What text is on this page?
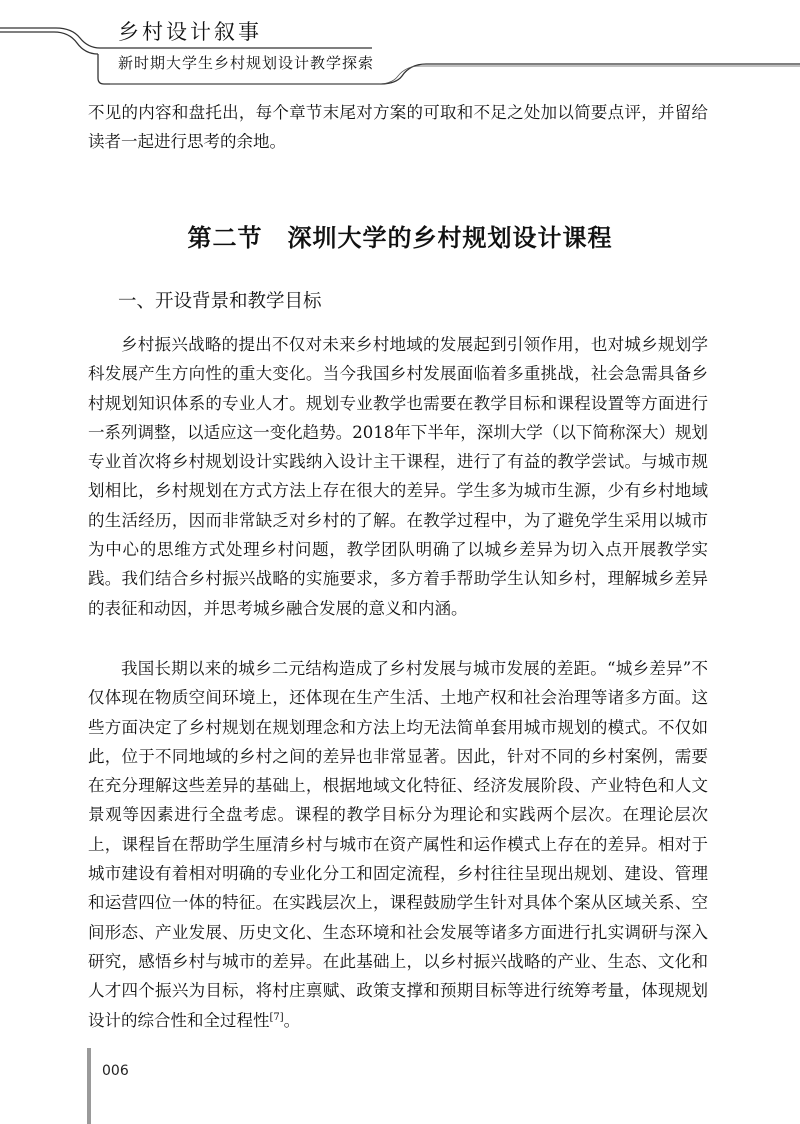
乡村设计叙事
新时期大学生乡村规划设计教学探索

不见的内容和盘托出，每个章节末尾对方案的可取和不足之处加以简要点评，并留给读者一起进行思考的余地。

第二节　深圳大学的乡村规划设计课程
一、开设背景和教学目标

乡村振兴战略的提出不仅对未来乡村地域的发展起到引领作用，也对城乡规划学科发展产生方向性的重大变化。当今我国乡村发展面临着多重挑战，社会急需具备乡村规划知识体系的专业人才。规划专业教学也需要在教学目标和课程设置等方面进行一系列调整，以适应这一变化趋势。2018年下半年，深圳大学（以下简称深大）规划专业首次将乡村规划设计实践纳入设计主干课程，进行了有益的教学尝试。与城市规划相比，乡村规划在方式方法上存在很大的差异。学生多为城市生源，少有乡村地域的生活经历，因而非常缺乏对乡村的了解。在教学过程中，为了避免学生采用以城市为中心的思维方式处理乡村问题，教学团队明确了以城乡差异为切入点开展教学实践。我们结合乡村振兴战略的实施要求，多方着手帮助学生认知乡村，理解城乡差异的表征和动因，并思考城乡融合发展的意义和内涵。

我国长期以来的城乡二元结构造成了乡村发展与城市发展的差距。“城乡差异”不仅体现在物质空间环境上，还体现在生产生活、土地产权和社会治理等诸多方面。这些方面决定了乡村规划在规划理念和方法上均无法简单套用城市规划的模式。不仅如此，位于不同地域的乡村之间的差异也非常显著。因此，针对不同的乡村案例，需要在充分理解这些差异的基础上，根据地域文化特征、经济发展阶段、产业特色和人文景观等因素进行全盘考虑。课程的教学目标分为理论和实践两个层次。在理论层次上，课程旨在帮助学生厘清乡村与城市在资产属性和运作模式上存在的差异。相对于城市建设有着相对明确的专业化分工和固定流程，乡村往往呈现出规划、建设、管理和运营四位一体的特征。在实践层次上，课程鼓励学生针对具体个案从区域关系、空间形态、产业发展、历史文化、生态环境和社会发展等诸多方面进行扎实调研与深入研究，感悟乡村与城市的差异。在此基础上，以乡村振兴战略的产业、生态、文化和人才四个振兴为目标，将村庄禀赋、政策支撑和预期目标等进行统筹考量，体现规划设计的综合性和全过程性[7]。

006
